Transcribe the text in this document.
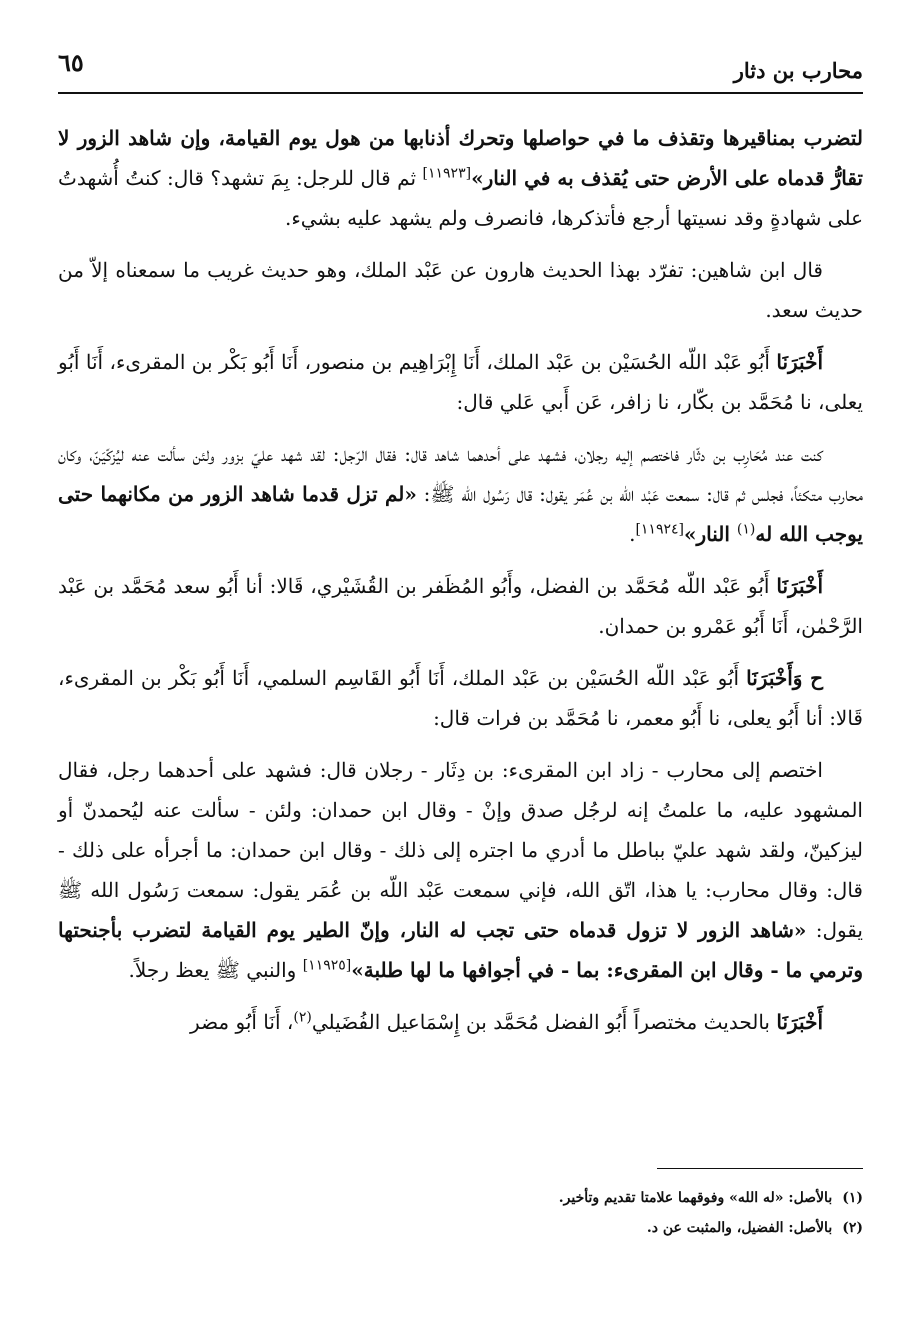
٦٥	محارب بن دثار

لتضرب بمناقيرها وتقذف ما في حواصلها وتحرك أذنابها من هول يوم القيامة، وإن شاهد الزور لا تقارُّ قدماه على الأرض حتى يُقذف به في النار»[١١٩٢٣] ثم قال للرجل: بِمَ تشهد؟ قال: كنتُ أُشهدتُ على شهادةٍ وقد نسيتها أرجع فأتذكرها، فانصرف ولم يشهد عليه بشيء.

قال ابن شاهين: تفرّد بهذا الحديث هارون عن عَبْد الملك، وهو حديث غريب ما سمعناه إلاّ من حديث سعد.

أَخْبَرَنَا أَبُو عَبْد اللّه الحُسَيْن بن عَبْد الملك، أَنَا إِبْرَاهِيم بن منصور، أَنَا أَبُو بَكْر بن المقرىء، أَنَا أَبُو يعلى، نا مُحَمَّد بن بكّار، نا زافر، عَن أَبي عَلي قال:

كنت عند مُحَارِب بن دثّار فاختصم إليه رجلان، فشهد على أحدهما شاهد قال: فقال الرّجل: لقد شهد عليّ بزور ولئن سألت عنه ليُزكّيَنّ، وكان محارب متكئاً، فجلس ثم قال: سمعت عَبْد اللّه بن عُمَر يقول: قال رَسُول الله ﷺ: «لم تزل قدما شاهد الزور من مكانهما حتى يوجب الله له$^{(١)}$ النار»[١١٩٢٤].

أَخْبَرَنَا أَبُو عَبْد اللّه مُحَمَّد بن الفضل، وأَبُو المُظَفر بن القُشَيْري، قَالا: أنا أَبُو سعد مُحَمَّد بن عَبْد الرَّحْمٰن، أَنَا أَبُو عَمْرو بن حمدان.

ح وَأَخْبَرَنَا أَبُو عَبْد اللّه الحُسَيْن بن عَبْد الملك، أَنَا أَبُو القَاسِم السلمي، أَنَا أَبُو بَكْر بن المقرىء، قَالا: أنا أَبُو يعلى، نا أَبُو معمر، نا مُحَمَّد بن فرات قال:

اختصم إلى محارب - زاد ابن المقرىء: بن دِثَار - رجلان قال: فشهد على أحدهما رجل، فقال المشهود عليه، ما علمتُ إنه لرجُل صدق وإنْ - وقال ابن حمدان: ولئن - سألت عنه ليُحمدنّ أو ليزكينّ، ولقد شهد عليّ بباطل ما أدري ما اجتره إلى ذلك - وقال ابن حمدان: ما أجرأه على ذلك - قال: وقال محارب: يا هذا، اتّق الله، فإني سمعت عَبْد اللّه بن عُمَر يقول: سمعت رَسُول الله ﷺ يقول: «شاهد الزور لا تزول قدماه حتى تجب له النار، وإنّ الطير يوم القيامة لتضرب بأجنحتها وترمي ما - وقال ابن المقرىء: بما - في أجوافها ما لها طلبة»[١١٩٢٥] والنبي ﷺ يعظ رجلاً.

أَخْبَرَنَا بالحديث مختصراً أَبُو الفضل مُحَمَّد بن إِسْمَاعيل الفُضَيلي$^{(٢)}$، أَنَا أَبُو مضر

(١)بالأصل: «له الله» وفوقهما علامتا تقديم وتأخير.
(٢)بالأصل: الفضيل، والمثبت عن د.
